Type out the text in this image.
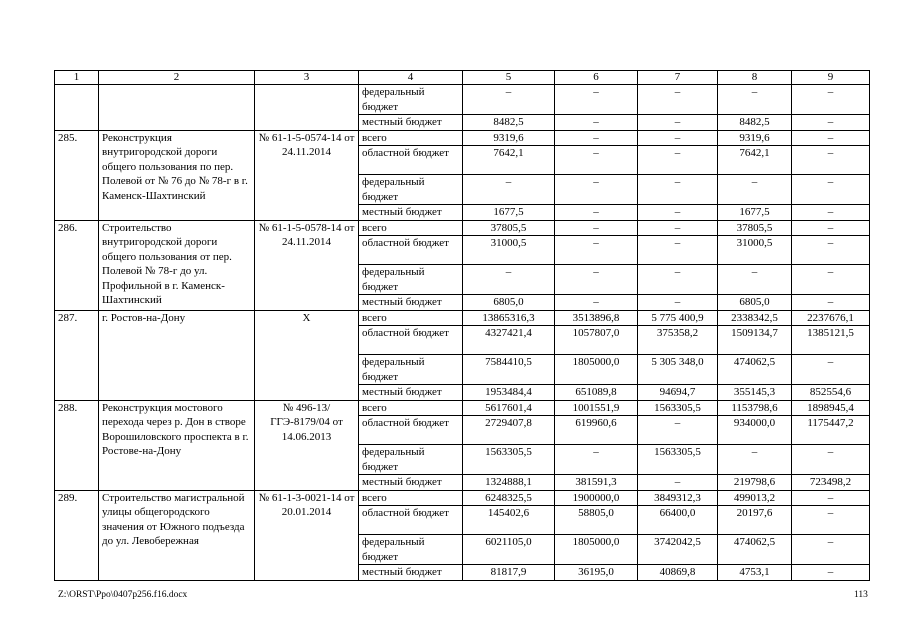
1	2	3	4	5	6	7	8	9
			федеральный бюджет	–	–	–	–	–
			местный бюджет	8482,5	–	–	8482,5	–
285.	Реконструкция внутригородской дороги общего пользования по пер. Полевой от № 76 до № 78-г в г. Каменск-Шахтинский	№ 61-1-5-0574-14 от 24.11.2014	всего	9319,6	–	–	9319,6	–
			областной бюджет	7642,1	–	–	7642,1	–
			федеральный бюджет	–	–	–	–	–
			местный бюджет	1677,5	–	–	1677,5	–
286.	Строительство внутригородской дороги общего пользования от пер. Полевой № 78-г до ул. Профильной в г. Каменск-Шахтинский	№ 61-1-5-0578-14 от 24.11.2014	всего	37805,5	–	–	37805,5	–
			областной бюджет	31000,5	–	–	31000,5	–
			федеральный бюджет	–	–	–	–	–
			местный бюджет	6805,0	–	–	6805,0	–
287.	г. Ростов-на-Дону	Х	всего	13865316,3	3513896,8	5 775 400,9	2338342,5	2237676,1
			областной бюджет	4327421,4	1057807,0	375358,2	1509134,7	1385121,5
			федеральный бюджет	7584410,5	1805000,0	5 305 348,0	474062,5	–
			местный бюджет	1953484,4	651089,8	94694,7	355145,3	852554,6
288.	Реконструкция мостового перехода через р. Дон в створе Ворошиловского проспекта в г. Ростове-на-Дону	№ 496-13/ ГГЭ-8179/04 от 14.06.2013	всего	5617601,4	1001551,9	1563305,5	1153798,6	1898945,4
			областной бюджет	2729407,8	619960,6	–	934000,0	1175447,2
			федеральный бюджет	1563305,5	–	1563305,5	–	–
			местный бюджет	1324888,1	381591,3	–	219798,6	723498,2
289.	Строительство магистральной улицы общегородского значения от Южного подъезда до ул. Левобережная	№ 61-1-3-0021-14 от 20.01.2014	всего	6248325,5	1900000,0	3849312,3	499013,2	–
			областной бюджет	145402,6	58805,0	66400,0	20197,6	–
			федеральный бюджет	6021105,0	1805000,0	3742042,5	474062,5	–
			местный бюджет	81817,9	36195,0	40869,8	4753,1	–
Z:\ORST\Ppo\0407p256.f16.docx	113
